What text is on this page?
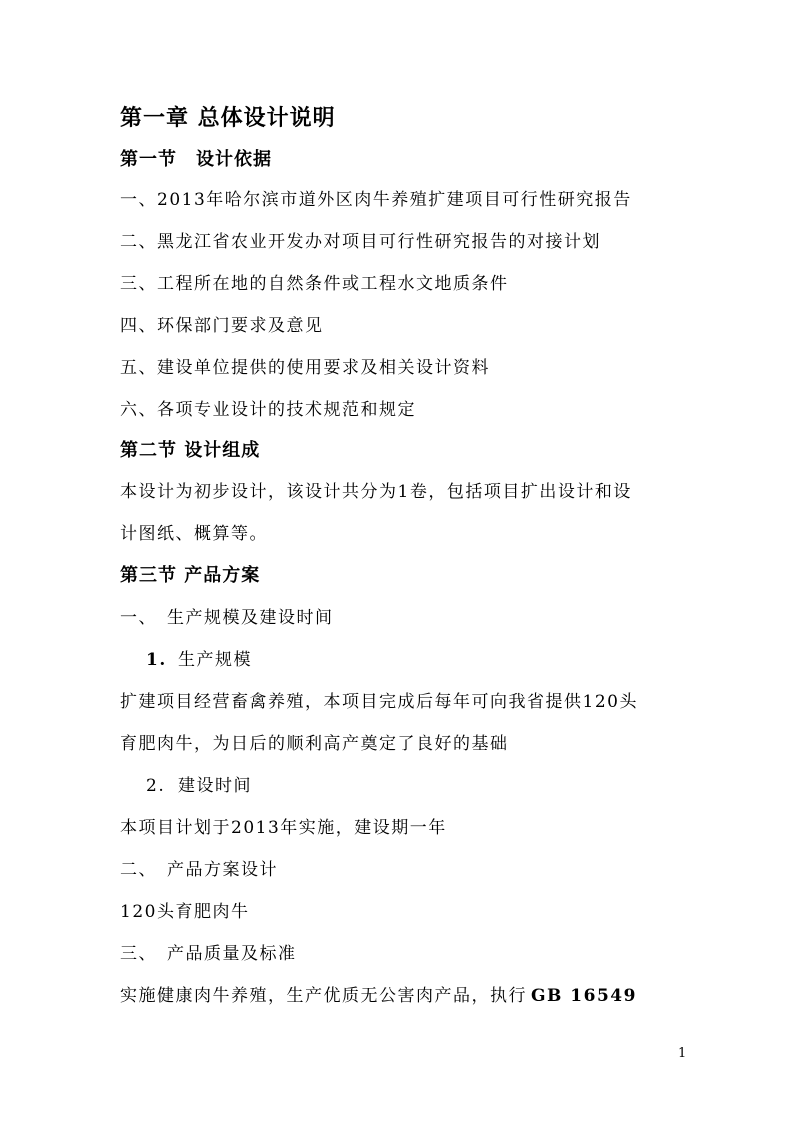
第一章 总体设计说明
第一节　设计依据
一、2013年哈尔滨市道外区肉牛养殖扩建项目可行性研究报告
二、黑龙江省农业开发办对项目可行性研究报告的对接计划
三、工程所在地的自然条件或工程水文地质条件
四、环保部门要求及意见
五、建设单位提供的使用要求及相关设计资料
六、各项专业设计的技术规范和规定
第二节 设计组成
本设计为初步设计，该设计共分为1卷，包括项目扩出设计和设
计图纸、概算等。
第三节 产品方案
一、　生产规模及建设时间
1. 生产规模
扩建项目经营畜禽养殖，本项目完成后每年可向我省提供120头
育肥肉牛，为日后的顺利高产奠定了良好的基础
2. 建设时间
本项目计划于2013年实施，建设期一年
二、　产品方案设计
120头育肥肉牛
三、　产品质量及标准
实施健康肉牛养殖，生产优质无公害肉产品，执行 GB 16549
1
